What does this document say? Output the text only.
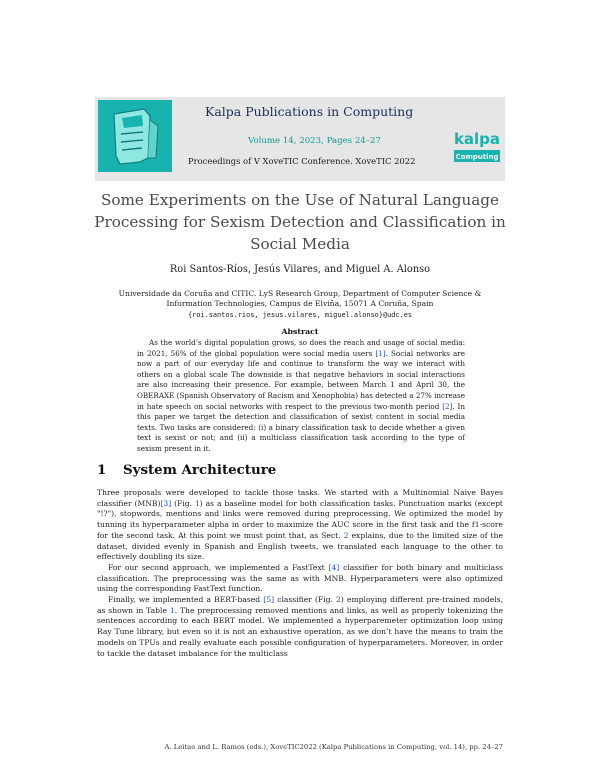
Kalpa Publications in Computing
Volume 14, 2023, Pages 24–27
Proceedings of V XoveTIC Conference. XoveTIC 2022
kalpa
Computing
Some Experiments on the Use of Natural Language Processing for Sexism Detection and Classification in Social Media
Roi Santos-Ríos, Jesús Vilares, and Miguel A. Alonso
Universidade da Coruña and CITIC. LyS Research Group, Department of Computer Science &
Information Technologies, Campus de Elviña, 15071 A Coruña, Spain
{roi.santos.rios, jesus.vilares, miguel.alonso}@udc.es
Abstract

As the world’s digital population grows, so does the reach and usage of social media: in 2021, 56% of the global population were social media users [1]. Social networks are now a part of our everyday life and continue to transform the way we interact with others on a global scale The downside is that negative behaviors in social interactions are also increasing their presence. For example, between March 1 and April 30, the OBERAXE (Spanish Observatory of Racism and Xenophobia) has detected a 27% increase in hate speech on social networks with respect to the previous two-month period [2]. In this paper we target the detection and classification of sexist content in social media texts. Two tasks are considered: (i) a binary classification task to decide whether a given text is sexist or not; and (ii) a multiclass classification task according to the type of sexism present in it.

1 System Architecture

Three proposals were developed to tackle those tasks. We started with a Multinomial Naive Bayes classifier (MNB)[3] (Fig. 1) as a baseline model for both classification tasks. Punctuation marks (except "!?"), stopwords, mentions and links were removed during preprocessing. We optimized the model by tunning its hyperparameter alpha in order to maximize the AUC score in the first task and the f1-score for the second task. At this point we must point that, as Sect. 2 explains, due to the limited size of the dataset, divided evenly in Spanish and English tweets, we translated each language to the other to effectively doubling its size.

For our second approach, we implemented a FastText [4] classifier for both binary and multiclass classification. The preprocessing was the same as with MNB. Hyperparameters were also optimized using the corresponding FastText function.

Finally, we implemented a BERT-based [5] classifier (Fig. 2) employing different pre-trained models, as shown in Table 1. The preprocessing removed mentions and links, as well as properly tokenizing the sentences according to each BERT model. We implemented a hyperparemeter optimization loop using Ray Tune library, but even so it is not an exhaustive operation, as we don’t have the means to train the models on TPUs and really evaluate each possible configuration of hyperparameters. Moreover, in order to tackle the dataset imbalance for the multiclass

A. Leitao and L. Ramos (eds.), XoveTIC2022 (Kalpa Publications in Computing, vol. 14), pp. 24–27
